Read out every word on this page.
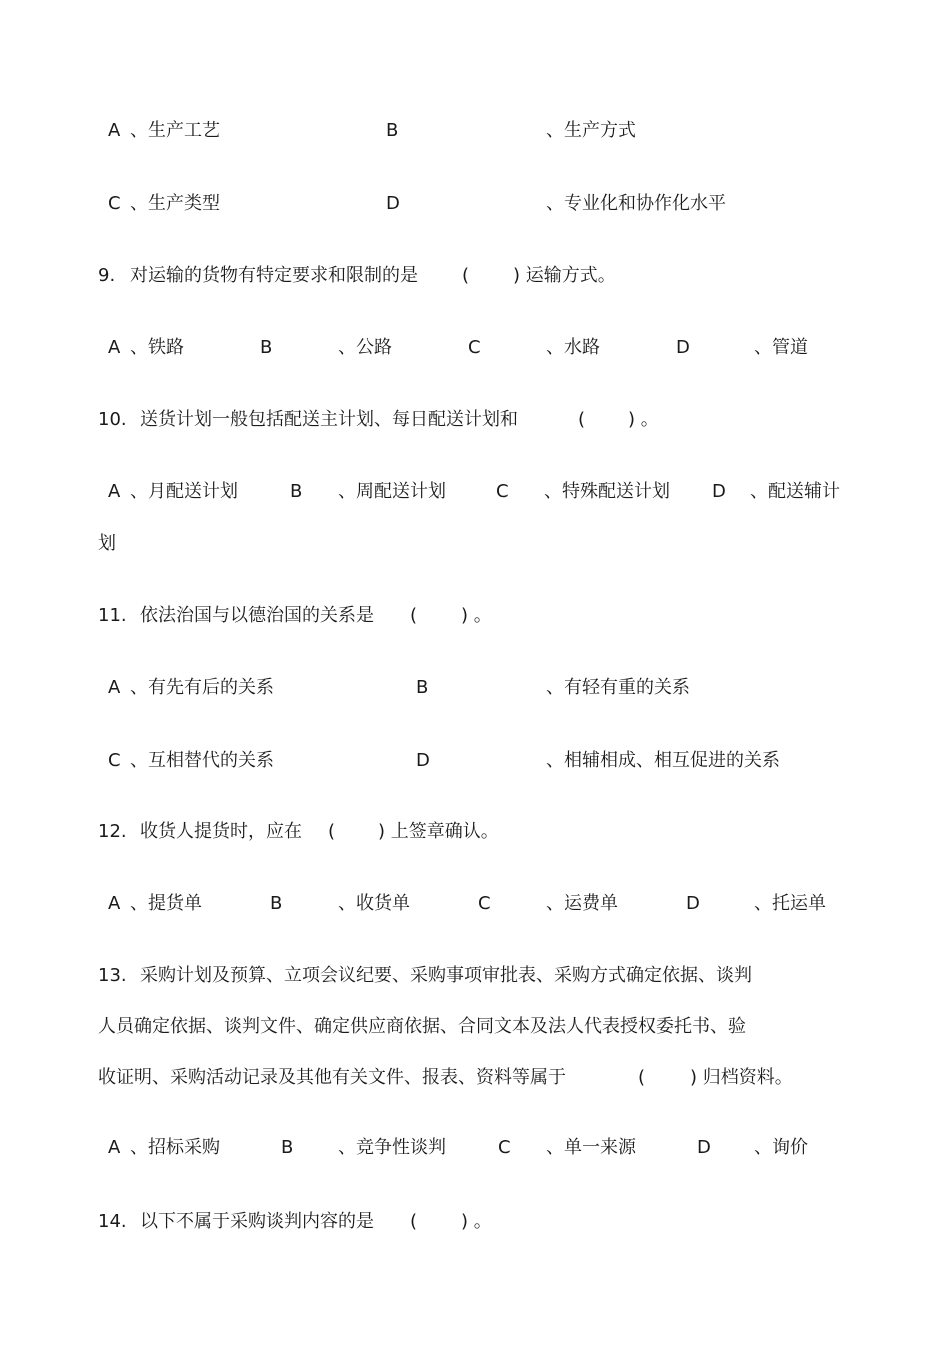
A 、生产工艺	B	、生产方式
C 、生产类型	D	、专业化和协作化水平
9. 对运输的货物有特定要求和限制的是 ( ) 运输方式。
A 、铁路	B	、公路	C	、水路	D	、管道
10. 送货计划一般包括配送主计划、每日配送计划和	( ) 。
A 、月配送计划	B 、周配送计划	C 、特殊配送计划 D 、配送辅计
划
11. 依法治国与以德治国的关系是 ( ) 。
A 、有先有后的关系	B	、有轻有重的关系
C 、互相替代的关系	D	、相辅相成、相互促进的关系
12. 收货人提货时，应在 ( ) 上签章确认。
A 、提货单	B	、收货单	C	、运费单	D	、托运单
13. 采购计划及预算、立项会议纪要、采购事项审批表、采购方式确定依据、谈判
人员确定依据、谈判文件、确定供应商依据、合同文本及法人代表授权委托书、验
收证明、采购活动记录及其他有关文件、报表、资料等属于	( ) 归档资料。
A 、招标采购	B 、竞争性谈判	C 、单一来源	D 、询价
14. 以下不属于采购谈判内容的是 ( ) 。
